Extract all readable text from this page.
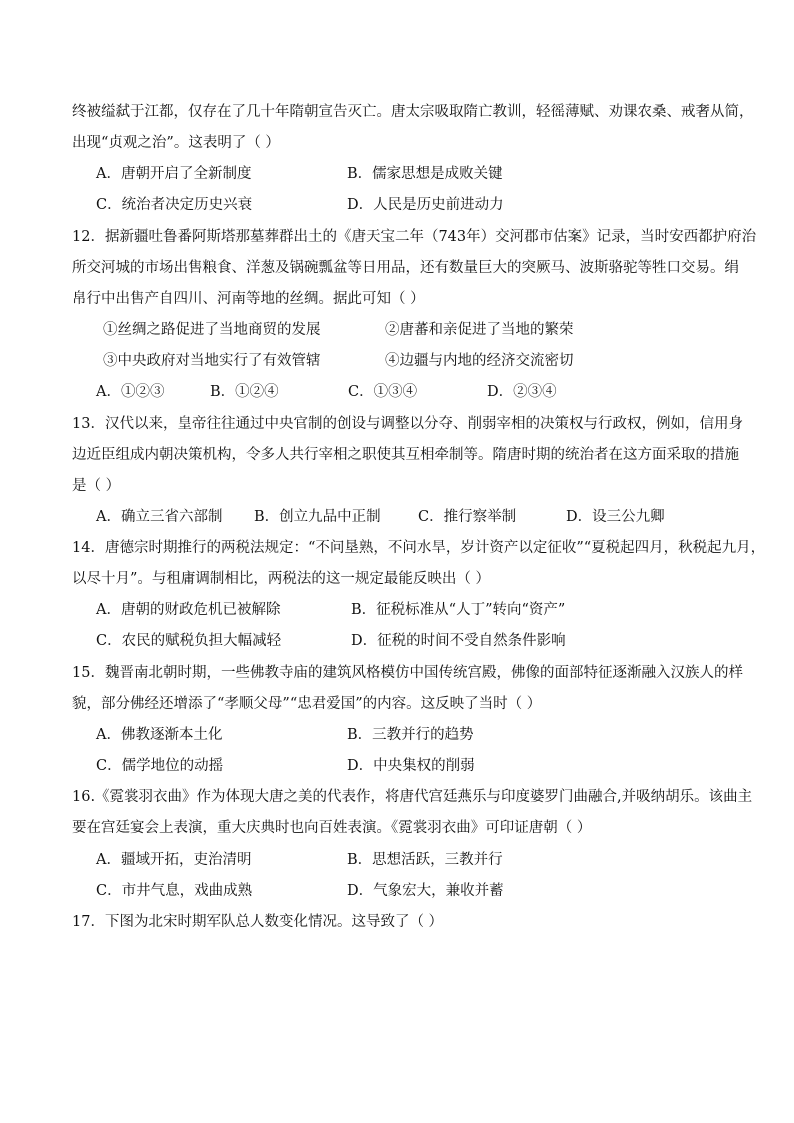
终被缢弑于江都，仅存在了几十年隋朝宣告灭亡。唐太宗吸取隋亡教训，轻徭薄赋、劝课农桑、戒奢从简，
出现“贞观之治”。这表明了（ ）
A．唐朝开启了全新制度	B．儒家思想是成败关键
C．统治者决定历史兴衰	D．人民是历史前进动力
12．据新疆吐鲁番阿斯塔那墓葬群出土的《唐天宝二年（743年）交河郡市估案》记录，当时安西都护府治
所交河城的市场出售粮食、洋葱及锅碗瓢盆等日用品，还有数量巨大的突厥马、波斯骆驼等牲口交易。绢
帛行中出售产自四川、河南等地的丝绸。据此可知（ ）
①丝绸之路促进了当地商贸的发展	②唐蕃和亲促进了当地的繁荣
③中央政府对当地实行了有效管辖	④边疆与内地的经济交流密切
A．①②③	B．①②④	C．①③④	D．②③④
13．汉代以来，皇帝往往通过中央官制的创设与调整以分夺、削弱宰相的决策权与行政权，例如，信用身
边近臣组成内朝决策机构，令多人共行宰相之职使其互相牵制等。隋唐时期的统治者在这方面采取的措施
是（ ）
A．确立三省六部制 B．创立九品中正制	C．推行察举制	D．设三公九卿
14．唐德宗时期推行的两税法规定：“不问垦熟，不问水旱，岁计资产以定征收”“夏税起四月，秋税起九月，
以尽十月”。与租庸调制相比，两税法的这一规定最能反映出（ ）
A．唐朝的财政危机已被解除	B．征税标准从“人丁”转向“资产”
C．农民的赋税负担大幅减轻	D．征税的时间不受自然条件影响
15．魏晋南北朝时期，一些佛教寺庙的建筑风格模仿中国传统宫殿，佛像的面部特征逐渐融入汉族人的样
貌，部分佛经还增添了“孝顺父母”“忠君爱国”的内容。这反映了当时（ ）
A．佛教逐渐本土化	B．三教并行的趋势
C．儒学地位的动摇	D．中央集权的削弱
16.《霓裳羽衣曲》作为体现大唐之美的代表作，将唐代宫廷燕乐与印度婆罗门曲融合,并吸纳胡乐。该曲主
要在宫廷宴会上表演，重大庆典时也向百姓表演。《霓裳羽衣曲》可印证唐朝（ ）
A．疆域开拓，吏治清明	B．思想活跃，三教并行
C．市井气息，戏曲成熟	D．气象宏大，兼收并蓄
17．下图为北宋时期军队总人数变化情况。这导致了（ ）
